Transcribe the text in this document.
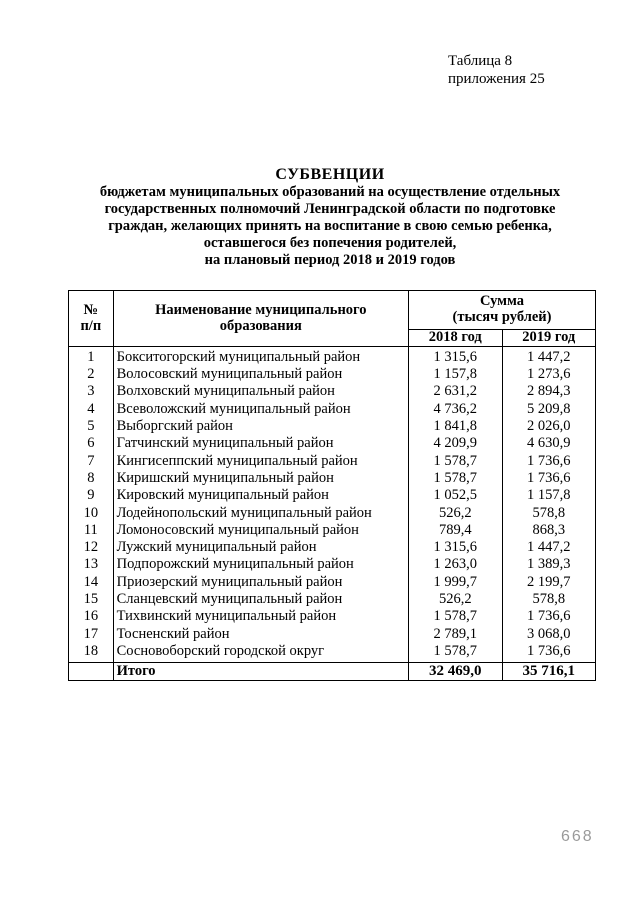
Таблица 8
приложения 25
СУБВЕНЦИИ
бюджетам муниципальных образований на осуществление отдельных
государственных полномочий Ленинградской области по подготовке
граждан, желающих принять на воспитание в свою семью ребенка,
оставшегося без попечения родителей,
на плановый период 2018 и 2019 годов
№
п/п	Наименование муниципального
образования	Сумма
(тысяч рублей)	
		2018 год	2019 год
1	Бокситогорский муниципальный район	1 315,6	1 447,2
2	Волосовский муниципальный район	1 157,8	1 273,6
3	Волховский муниципальный район	2 631,2	2 894,3
4	Всеволожский муниципальный район	4 736,2	5 209,8
5	Выборгский район	1 841,8	2 026,0
6	Гатчинский муниципальный район	4 209,9	4 630,9
7	Кингисеппский муниципальный район	1 578,7	1 736,6
8	Киришский муниципальный район	1 578,7	1 736,6
9	Кировский муниципальный район	1 052,5	1 157,8
10	Лодейнопольский муниципальный район	526,2	578,8
11	Ломоносовский муниципальный район	789,4	868,3
12	Лужский муниципальный район	1 315,6	1 447,2
13	Подпорожский муниципальный район	1 263,0	1 389,3
14	Приозерский муниципальный район	1 999,7	2 199,7
15	Сланцевский муниципальный район	526,2	578,8
16	Тихвинский муниципальный район	1 578,7	1 736,6
17	Тосненский район	2 789,1	3 068,0
18	Сосновоборский городской округ	1 578,7	1 736,6
	Итого	32 469,0	35 716,1
668
